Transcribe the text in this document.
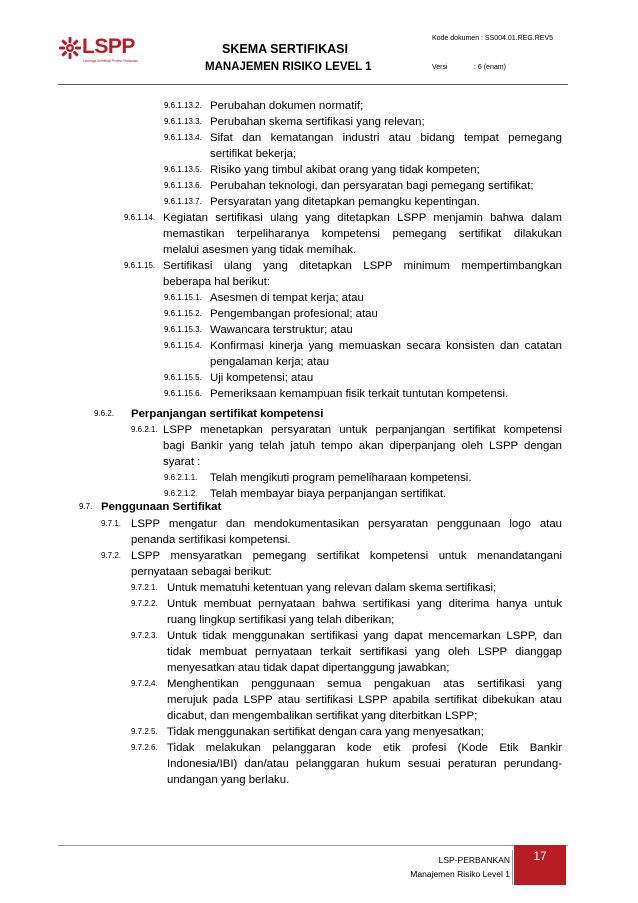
LSPP
Lembaga Sertifikasi Profesi Perbankan
SKEMA SERTIFIKASI
MANAJEMEN RISIKO LEVEL 1
Kode dokumen : SS004.01.REG.REV5
Versi	: 6 (enam)
9.6.1.13.2. Perubahan dokumen normatif;
9.6.1.13.3. Perubahan skema sertifikasi yang relevan;
9.6.1.13.4. Sifat dan kematangan industri atau bidang tempat pemegang
sertifikat bekerja;
9.6.1.13.5. Risiko yang timbul akibat orang yang tidak kompeten;
9.6.1.13.6. Perubahan teknologi, dan persyaratan bagi pemegang sertifikat;
9.6.1.13.7. Persyaratan yang ditetapkan pemangku kepentingan.
9.6.1.14. Kegiatan sertifikasi ulang yang ditetapkan LSPP menjamin bahwa dalam
memastikan terpeliharanya kompetensi pemegang sertifikat dilakukan
melalui asesmen yang tidak memihak.
9.6.1.15. Sertifikasi ulang yang ditetapkan LSPP minimum mempertimbangkan
beberapa hal berikut:
9.6.1.15.1. Asesmen di tempat kerja; atau
9.6.1.15.2. Pengembangan profesional; atau
9.6.1.15.3. Wawancara terstruktur; atau
9.6.1.15.4. Konfirmasi kinerja yang memuaskan secara konsisten dan catatan
pengalaman kerja; atau
9.6.1.15.5. Uji kompetensi; atau
9.6.1.15.6. Pemeriksaan kemampuan fisik terkait tuntutan kompetensi.
9.6.2. Perpanjangan sertifikat kompetensi
9.6.2.1. LSPP menetapkan persyaratan untuk perpanjangan sertifikat kompetensi
bagi Bankir yang telah jatuh tempo akan diperpanjang oleh LSPP dengan
syarat :
9.6.2.1.1. Telah mengikuti program pemeliharaan kompetensi.
9.6.2.1.2. Telah membayar biaya perpanjangan sertifikat.
9.7. Penggunaan Sertifikat
9.7.1. LSPP mengatur dan mendokumentasikan persyaratan penggunaan logo atau
penanda sertifikasi kompetensi.
9.7.2. LSPP mensyaratkan pemegang sertifikat kompetensi untuk menandatangani
pernyataan sebagai berikut:
9.7.2.1. Untuk mematuhi ketentuan yang relevan dalam skema sertifikasi;
9.7.2.2. Untuk membuat pernyataan bahwa sertifikasi yang diterima hanya untuk
ruang lingkup sertifikasi yang telah diberikan;
9.7.2.3. Untuk tidak menggunakan sertifikasi yang dapat mencemarkan LSPP, dan
tidak membuat pernyataan terkait sertifikasi yang oleh LSPP dianggap
menyesatkan atau tidak dapat dipertanggung jawabkan;
9.7.2.4. Menghentikan penggunaan semua pengakuan atas sertifikasi yang
merujuk pada LSPP atau sertifikasi LSPP apabila sertifikat dibekukan atau
dicabut, dan mengembalikan sertifikat yang diterbitkan LSPP;
9.7.2.5. Tidak menggunakan sertifikat dengan cara yang menyesatkan;
9.7.2.6. Tidak melakukan pelanggaran kode etik profesi (Kode Etik Bankir
Indonesia/IBI) dan/atau pelanggaran hukum sesuai peraturan perundang-
undangan yang berlaku.
LSP-PERBANKAN
Manajemen Risiko Level 1
17
